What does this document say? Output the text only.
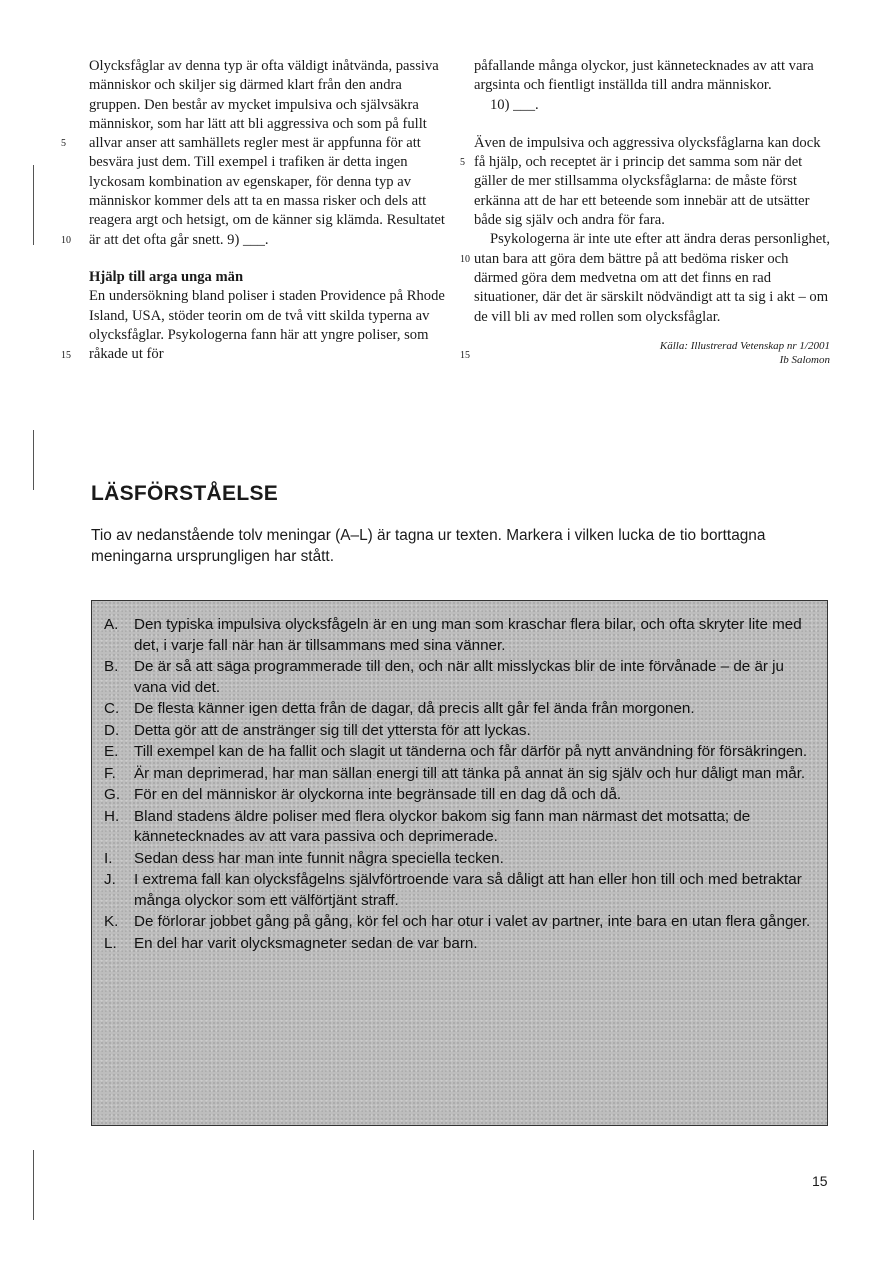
5
10
15

Olycksfåglar av denna typ är ofta väldigt inåtvända, passiva människor och skiljer sig därmed klart från den andra gruppen. Den består av mycket impulsiva och självsäkra människor, som har lätt att bli aggressiva och som på fullt allvar anser att samhällets regler mest är appfunna för att besvära just dem. Till exempel i trafiken är detta ingen lyckosam kombination av egenskaper, för denna typ av människor kommer dels att ta en massa risker och dels att reagera argt och hetsigt, om de känner sig klämda. Resultatet är att det ofta går snett. 9) ___.

Hjälp till arga unga män

En undersökning bland poliser i staden Providence på Rhode Island, USA, stöder teorin om de två vitt skilda typerna av olycksfåglar. Psykologerna fann här att yngre poliser, som råkade ut för

5
10
15

påfallande många olyckor, just kännetecknades av att vara argsinta och fientligt inställda till andra människor.

10) ___.

Även de impulsiva och aggressiva olycksfåglarna kan dock få hjälp, och receptet är i princip det samma som när det gäller de mer stillsamma olycksfåglarna: de måste först erkänna att de har ett beteende som innebär att de utsätter både sig själv och andra för fara.

Psykologerna är inte ute efter att ändra deras personlighet, utan bara att göra dem bättre på att bedöma risker och därmed göra dem medvetna om att det finns en rad situationer, där det är särskilt nödvändigt att ta sig i akt – om de vill bli av med rollen som olycksfåglar.

Källa: Illustrerad Vetenskap nr 1/2001
Ib Salomon

LÄSFÖRSTÅELSE

Tio av nedanstående tolv meningar (A–L) är tagna ur texten. Markera i vilken lucka de tio borttagna meningarna ursprungligen har stått.

A. Den typiska impulsiva olycksfågeln är en ung man som kraschar flera bilar, och ofta skryter lite med det, i varje fall när han är tillsammans med sina vänner.
B. De är så att säga programmerade till den, och när allt misslyckas blir de inte förvånade – de är ju vana vid det.
C. De flesta känner igen detta från de dagar, då precis allt går fel ända från morgonen.
D. Detta gör att de anstränger sig till det yttersta för att lyckas.
E. Till exempel kan de ha fallit och slagit ut tänderna och får därför på nytt användning för försäkringen.
F. Är man deprimerad, har man sällan energi till att tänka på annat än sig själv och hur dåligt man mår.
G. För en del människor är olyckorna inte begränsade till en dag då och då.
H. Bland stadens äldre poliser med flera olyckor bakom sig fann man närmast det motsatta; de kännetecknades av att vara passiva och deprimerade.
I. Sedan dess har man inte funnit några speciella tecken.
J. I extrema fall kan olycksfågelns självförtroende vara så dåligt att han eller hon till och med betraktar många olyckor som ett välförtjänt straff.
K. De förlorar jobbet gång på gång, kör fel och har otur i valet av partner, inte bara en utan flera gånger.
L. En del har varit olycksmagneter sedan de var barn.
15
